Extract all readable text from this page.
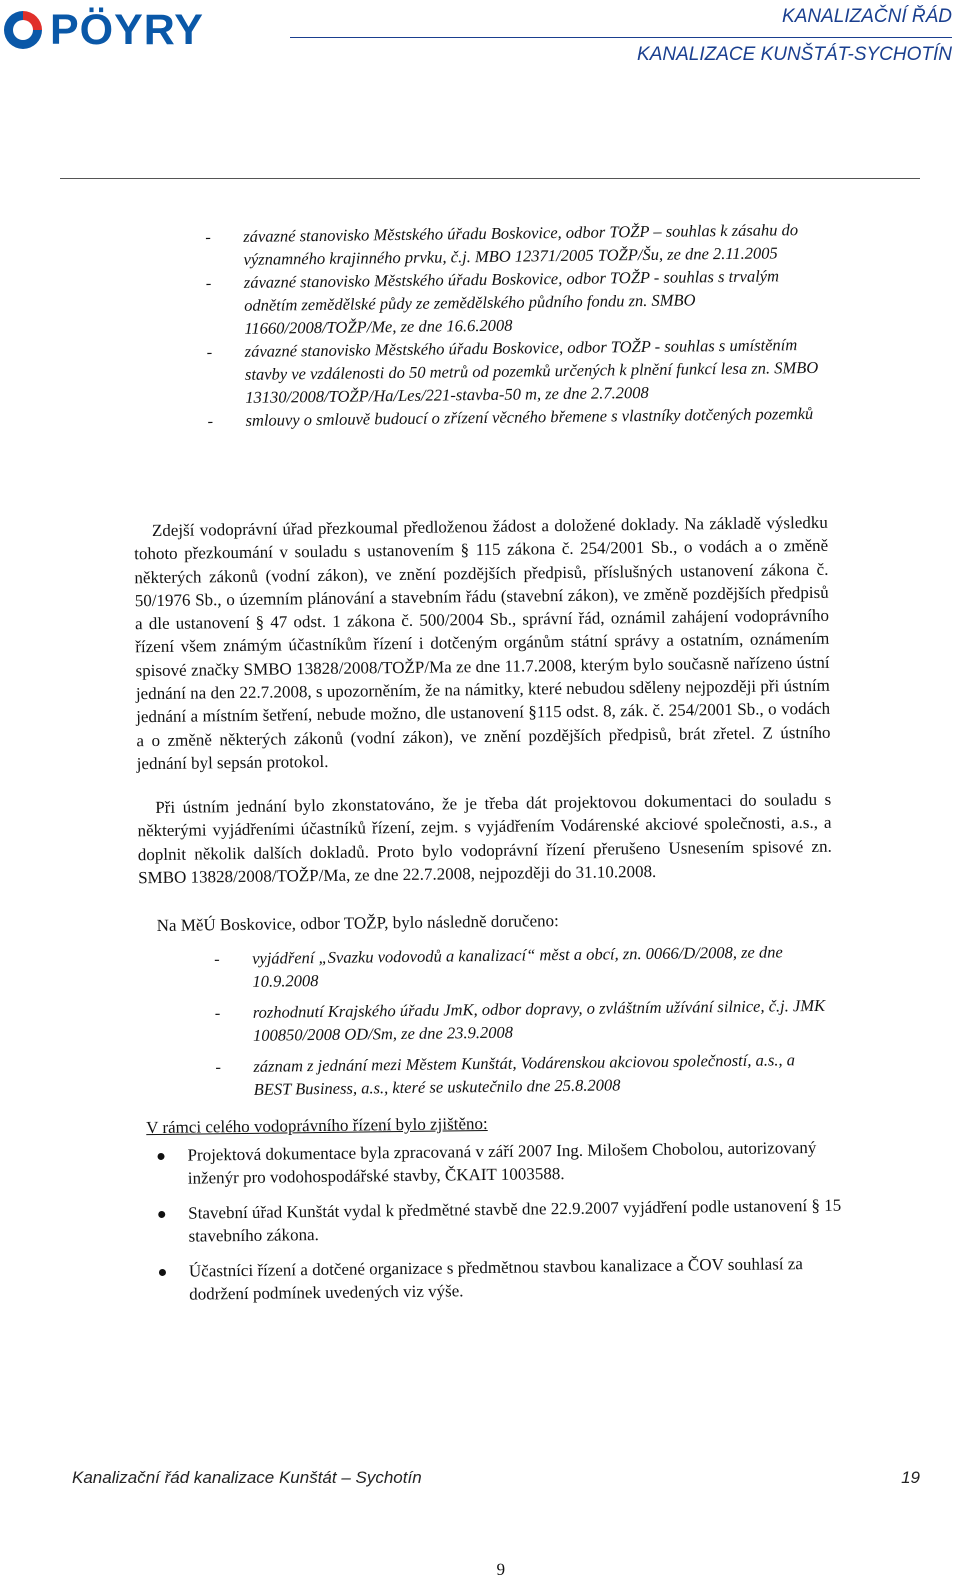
PÖYRY	KANALIZAČNÍ ŘÁD
KANALIZACE KUNŠTÁT-SYCHOTÍN
- závazné stanovisko Městského úřadu Boskovice, odbor TOŽP – souhlas k zásahu do významného krajinného prvku, č.j. MBO 12371/2005 TOŽP/Šu, ze dne 2.11.2005
- závazné stanovisko Městského úřadu Boskovice, odbor TOŽP - souhlas s trvalým odnětím zemědělské půdy ze zemědělského půdního fondu zn. SMBO 11660/2008/TOŽP/Me, ze dne 16.6.2008
- závazné stanovisko Městského úřadu Boskovice, odbor TOŽP - souhlas s umístěním stavby ve vzdálenosti do 50 metrů od pozemků určených k plnění funkcí lesa zn. SMBO 13130/2008/TOŽP/Ha/Les/221-stavba-50 m, ze dne 2.7.2008
- smlouvy o smlouvě budoucí o zřízení věcného břemene s vlastníky dotčených pozemků
Zdejší vodoprávní úřad přezkoumal předloženou žádost a doložené doklady. Na základě výsledku tohoto přezkoumání v souladu s ustanovením § 115 zákona č. 254/2001 Sb., o vodách a o změně některých zákonů (vodní zákon), ve znění pozdějších předpisů, příslušných ustanovení zákona č. 50/1976 Sb., o územním plánování a stavebním řádu (stavební zákon), ve změně pozdějších předpisů a dle ustanovení § 47 odst. 1 zákona č. 500/2004 Sb., správní řád, oznámil zahájení vodoprávního řízení všem známým účastníkům řízení i dotčeným orgánům státní správy a ostatním, oznámením spisové značky SMBO 13828/2008/TOŽP/Ma ze dne 11.7.2008, kterým bylo současně nařízeno ústní jednání na den 22.7.2008, s upozorněním, že na námitky, které nebudou sděleny nejpozději při ústním jednání a místním šetření, nebude možno, dle ustanovení §115 odst. 8, zák. č. 254/2001 Sb., o vodách a o změně některých zákonů (vodní zákon), ve znění pozdějších předpisů, brát zřetel. Z ústního jednání byl sepsán protokol.
Při ústním jednání bylo zkonstatováno, že je třeba dát projektovou dokumentaci do souladu s některými vyjádřeními účastníků řízení, zejm. s vyjádřením Vodárenské akciové společnosti, a.s., a doplnit několik dalších dokladů. Proto bylo vodoprávní řízení přerušeno Usnesením spisové zn. SMBO 13828/2008/TOŽP/Ma, ze dne 22.7.2008, nejpozději do 31.10.2008.
Na MěÚ Boskovice, odbor TOŽP, bylo následně doručeno:
- vyjádření „Svazku vodovodů a kanalizací“ měst a obcí, zn. 0066/D/2008, ze dne 10.9.2008
- rozhodnutí Krajského úřadu JmK, odbor dopravy, o zvláštním užívání silnice, č.j. JMK 100850/2008 OD/Sm, ze dne 23.9.2008
- záznam z jednání mezi Městem Kunštát, Vodárenskou akciovou společností, a.s., a BEST Business, a.s., které se uskutečnilo dne 25.8.2008
V rámci celého vodoprávního řízení bylo zjištěno:
Projektová dokumentace byla zpracovaná v září 2007 Ing. Milošem Chobolou, autorizovaný inženýr pro vodohospodářské stavby, ČKAIT 1003588.
Stavební úřad Kunštát vydal k předmětné stavbě dne 22.9.2007 vyjádření podle ustanovení § 15 stavebního zákona.
Účastníci řízení a dotčené organizace s předmětnou stavbou kanalizace a ČOV souhlasí za dodržení podmínek uvedených viz výše.
9
Kanalizační řád kanalizace Kunštát – Sychotín	19
